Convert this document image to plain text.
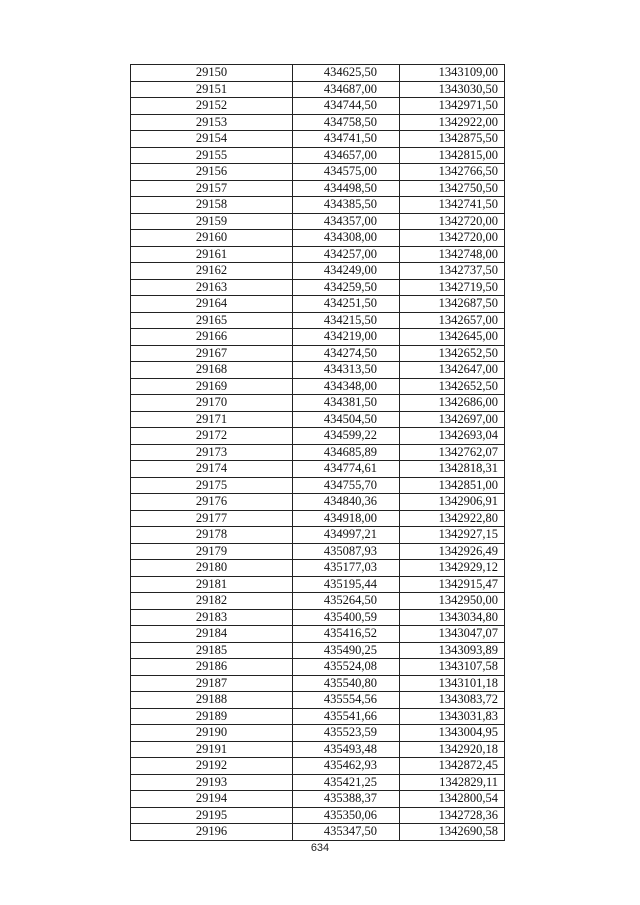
29150	434625,50	1343109,00
29151	434687,00	1343030,50
29152	434744,50	1342971,50
29153	434758,50	1342922,00
29154	434741,50	1342875,50
29155	434657,00	1342815,00
29156	434575,00	1342766,50
29157	434498,50	1342750,50
29158	434385,50	1342741,50
29159	434357,00	1342720,00
29160	434308,00	1342720,00
29161	434257,00	1342748,00
29162	434249,00	1342737,50
29163	434259,50	1342719,50
29164	434251,50	1342687,50
29165	434215,50	1342657,00
29166	434219,00	1342645,00
29167	434274,50	1342652,50
29168	434313,50	1342647,00
29169	434348,00	1342652,50
29170	434381,50	1342686,00
29171	434504,50	1342697,00
29172	434599,22	1342693,04
29173	434685,89	1342762,07
29174	434774,61	1342818,31
29175	434755,70	1342851,00
29176	434840,36	1342906,91
29177	434918,00	1342922,80
29178	434997,21	1342927,15
29179	435087,93	1342926,49
29180	435177,03	1342929,12
29181	435195,44	1342915,47
29182	435264,50	1342950,00
29183	435400,59	1343034,80
29184	435416,52	1343047,07
29185	435490,25	1343093,89
29186	435524,08	1343107,58
29187	435540,80	1343101,18
29188	435554,56	1343083,72
29189	435541,66	1343031,83
29190	435523,59	1343004,95
29191	435493,48	1342920,18
29192	435462,93	1342872,45
29193	435421,25	1342829,11
29194	435388,37	1342800,54
29195	435350,06	1342728,36
29196	435347,50	1342690,58
634
